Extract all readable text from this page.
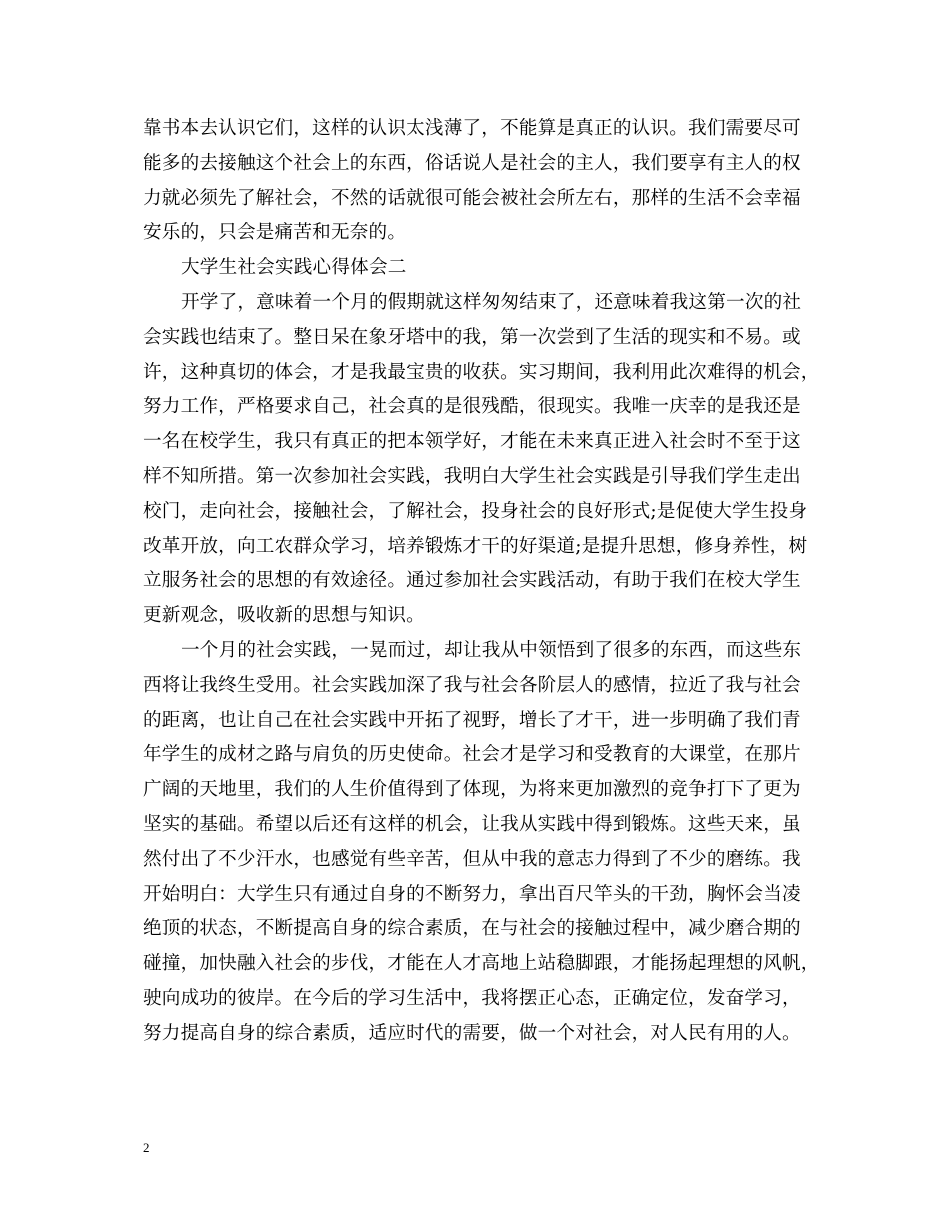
靠书本去认识它们，这样的认识太浅薄了，不能算是真正的认识。我们需要尽可
能多的去接触这个社会上的东西，俗话说人是社会的主人，我们要享有主人的权
力就必须先了解社会，不然的话就很可能会被社会所左右，那样的生活不会幸福
安乐的，只会是痛苦和无奈的。
大学生社会实践心得体会二
开学了，意味着一个月的假期就这样匆匆结束了，还意味着我这第一次的社
会实践也结束了。整日呆在象牙塔中的我，第一次尝到了生活的现实和不易。或
许，这种真切的体会，才是我最宝贵的收获。实习期间，我利用此次难得的机会，
努力工作，严格要求自己，社会真的是很残酷，很现实。我唯一庆幸的是我还是
一名在校学生，我只有真正的把本领学好，才能在未来真正进入社会时不至于这
样不知所措。第一次参加社会实践，我明白大学生社会实践是引导我们学生走出
校门，走向社会，接触社会，了解社会，投身社会的良好形式;是促使大学生投身
改革开放，向工农群众学习，培养锻炼才干的好渠道;是提升思想，修身养性，树
立服务社会的思想的有效途径。通过参加社会实践活动，有助于我们在校大学生
更新观念，吸收新的思想与知识。
一个月的社会实践，一晃而过，却让我从中领悟到了很多的东西，而这些东
西将让我终生受用。社会实践加深了我与社会各阶层人的感情，拉近了我与社会
的距离，也让自己在社会实践中开拓了视野，增长了才干，进一步明确了我们青
年学生的成材之路与肩负的历史使命。社会才是学习和受教育的大课堂，在那片
广阔的天地里，我们的人生价值得到了体现，为将来更加激烈的竞争打下了更为
坚实的基础。希望以后还有这样的机会，让我从实践中得到锻炼。这些天来，虽
然付出了不少汗水，也感觉有些辛苦，但从中我的意志力得到了不少的磨练。我
开始明白：大学生只有通过自身的不断努力，拿出百尺竿头的干劲，胸怀会当凌
绝顶的状态，不断提高自身的综合素质，在与社会的接触过程中，减少磨合期的
碰撞，加快融入社会的步伐，才能在人才高地上站稳脚跟，才能扬起理想的风帆，
驶向成功的彼岸。在今后的学习生活中，我将摆正心态，正确定位，发奋学习，
努力提高自身的综合素质，适应时代的需要，做一个对社会，对人民有用的人。
2
